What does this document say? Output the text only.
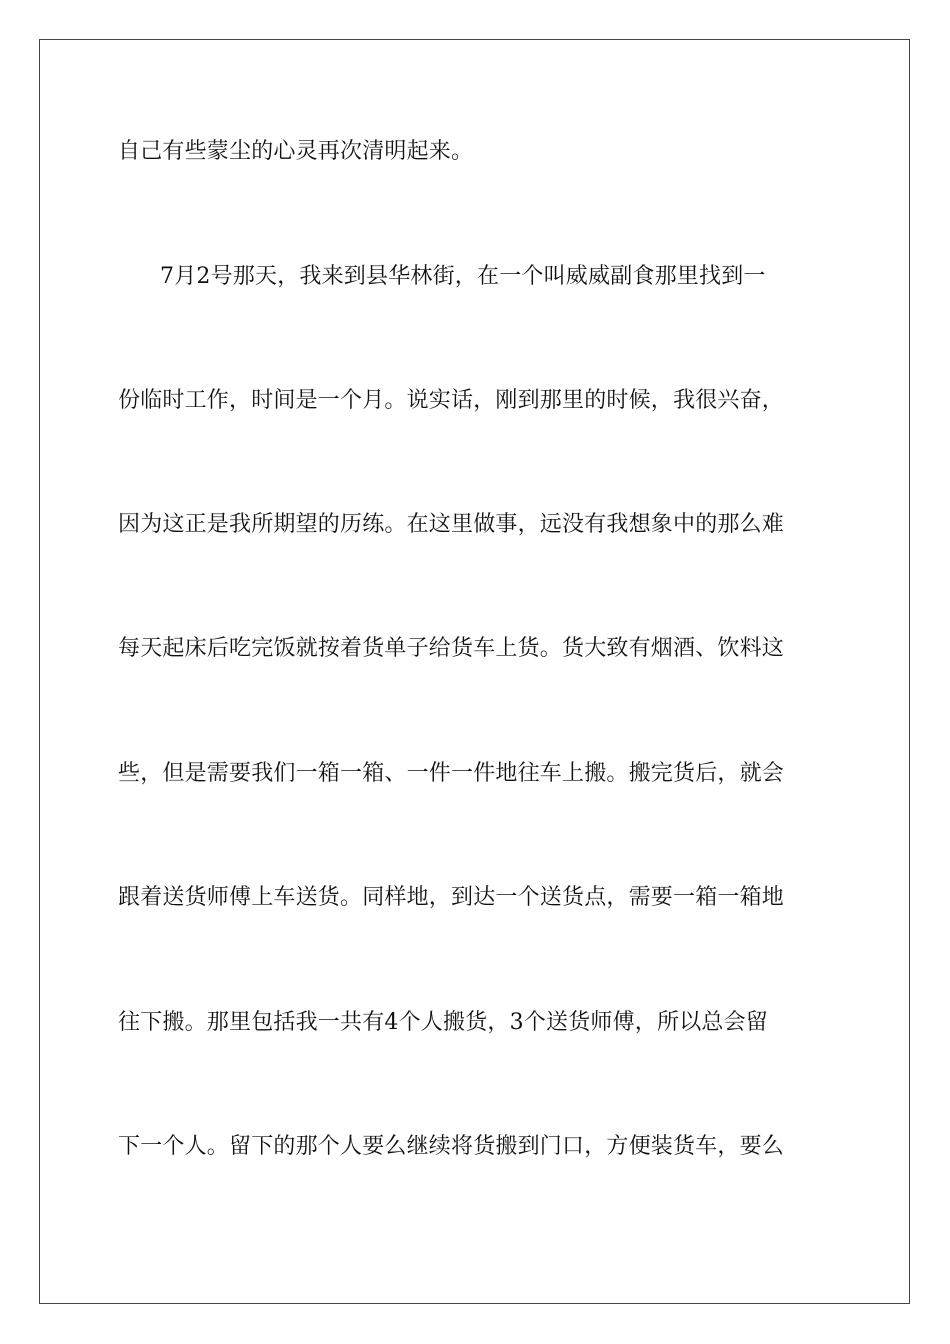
自己有些蒙尘的心灵再次清明起来。
7月2号那天，我来到县华林街，在一个叫威威副食那里找到一
份临时工作，时间是一个月。说实话，刚到那里的时候，我很兴奋，
因为这正是我所期望的历练。在这里做事，远没有我想象中的那么难
每天起床后吃完饭就按着货单子给货车上货。货大致有烟酒、饮料这
些，但是需要我们一箱一箱、一件一件地往车上搬。搬完货后，就会
跟着送货师傅上车送货。同样地，到达一个送货点，需要一箱一箱地
往下搬。那里包括我一共有4个人搬货，3个送货师傅，所以总会留
下一个人。留下的那个人要么继续将货搬到门口，方便装货车，要么
